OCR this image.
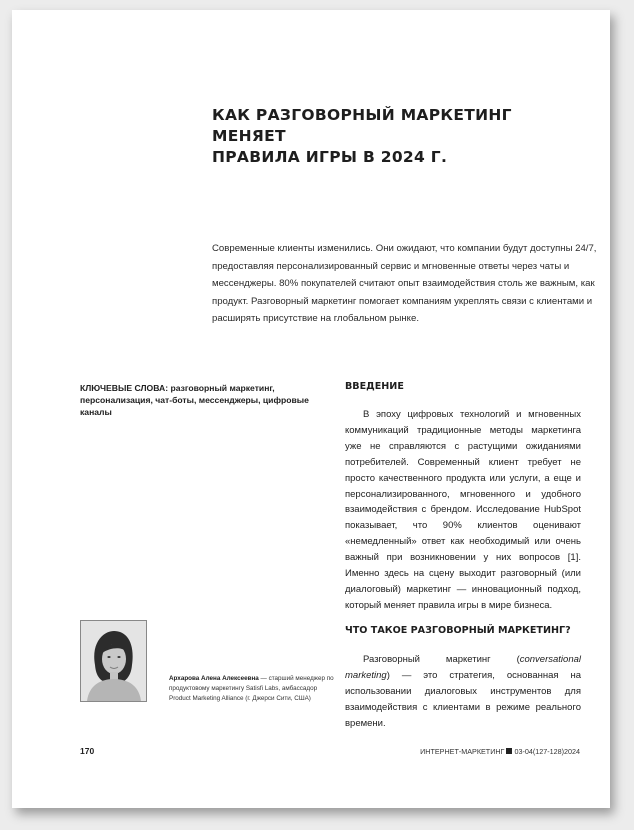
КАК РАЗГОВОРНЫЙ МАРКЕТИНГ МЕНЯЕТ
ПРАВИЛА ИГРЫ В 2024 Г.
Современные клиенты изменились. Они ожидают, что компании будут доступны 24/7, предоставляя персонализированный сервис и мгновенные ответы через чаты и мессенджеры. 80% покупателей считают опыт взаимодействия столь же важным, как продукт. Разговорный маркетинг помогает компаниям укреплять связи с клиентами и расширять присутствие на глобальном рынке.
КЛЮЧЕВЫЕ СЛОВА: разговорный маркетинг, персонализация, чат-боты, мессенджеры, цифровые каналы
ВВЕДЕНИЕ

В эпоху цифровых технологий и мгновенных коммуникаций традиционные методы маркетинга уже не справляются с растущими ожиданиями потребителей. Современный клиент требует не просто качественного продукта или услуги, а еще и персонализированного, мгновенного и удобного взаимодействия с брендом. Исследование HubSpot показывает, что 90% клиентов оценивают «немедленный» ответ как необходимый или очень важный при возникновении у них вопросов [1]. Именно здесь на сцену выходит разговорный (или диалоговый) маркетинг — инновационный подход, который меняет правила игры в мире бизнеса.

ЧТО ТАКОЕ РАЗГОВОРНЫЙ МАРКЕТИНГ?

Разговорный маркетинг (conversational marketing) — это стратегия, основанная на использовании диалоговых инструментов для взаимодействия с клиентами в режиме реального времени.

Архарова Алена Алексеевна — старший менеджер по продуктовому маркетингу Satisfi Labs, амбассадор Product Marketing Alliance (г. Джерси Сити, США)
170	ИНТЕРНЕТ-МАРКЕТИНГ 03-04(127-128)2024
